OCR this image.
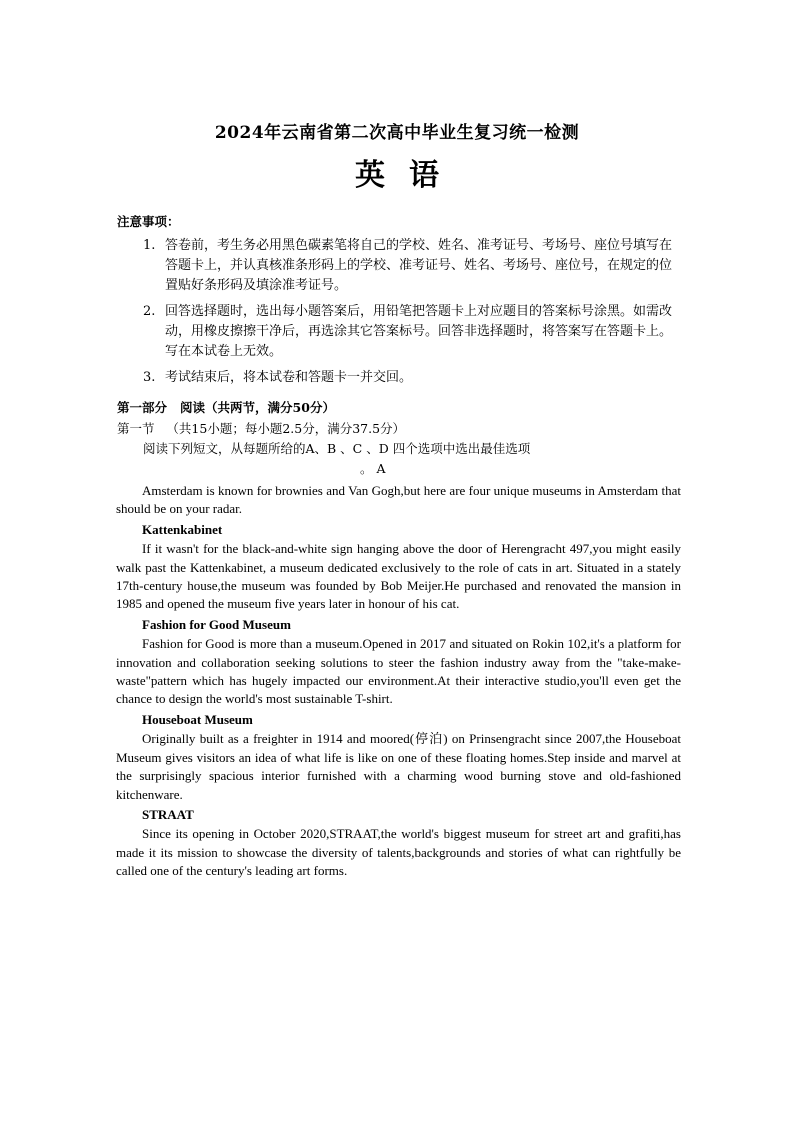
2024年云南省第二次高中毕业生复习统一检测
英语
注意事项：
1. 答卷前，考生务必用黑色碳素笔将自己的学校、姓名、准考证号、考场号、座位号填写在答题卡上，并认真核准条形码上的学校、准考证号、姓名、考场号、座位号，在规定的位置贴好条形码及填涂准考证号。
2. 回答选择题时，选出每小题答案后，用铅笔把答题卡上对应题目的答案标号涂黑。如需改动，用橡皮擦擦干净后，再选涂其它答案标号。回答非选择题时，将答案写在答题卡上。写在本试卷上无效。
3. 考试结束后，将本试卷和答题卡一并交回。
第一部分   阅读（共两节，满分50分）
第一节   （共15小题；每小题2.5分，满分37.5分）
阅读下列短文，从每题所给的A、B 、C 、D 四个选项中选出最佳选项
。 A

Amsterdam is known for brownies and Van Gogh,but here are four unique museums in Amsterdam that should be on your radar.

Kattenkabinet

If it wasn't for the black-and-white sign hanging above the door of Herengracht 497,you might easily walk past the Kattenkabinet, a museum dedicated exclusively to the role of cats in art. Situated in a stately 17th-century house,the museum was founded by Bob Meijer.He purchased and renovated the mansion in 1985 and opened the museum five years later in honour of his cat.

Fashion for Good Museum

Fashion for Good is more than a museum.Opened in 2017 and situated on Rokin 102,it's a platform for innovation and collaboration seeking solutions to steer the fashion industry away from the "take-make-waste"pattern which has hugely impacted our environment.At their interactive studio,you'll even get the chance to design the world's most sustainable T-shirt.

Houseboat Museum

Originally built as a freighter in 1914 and moored(停泊) on Prinsengracht since 2007,the Houseboat Museum gives visitors an idea of what life is like on one of these floating homes.Step inside and marvel at the surprisingly spacious interior furnished with a charming wood burning stove and old-fashioned kitchenware.

STRAAT

Since its opening in October 2020,STRAAT,the world's biggest museum for street art and grafiti,has made it its mission to showcase the diversity of talents,backgrounds and stories of what can rightfully be called one of the century's leading art forms.
